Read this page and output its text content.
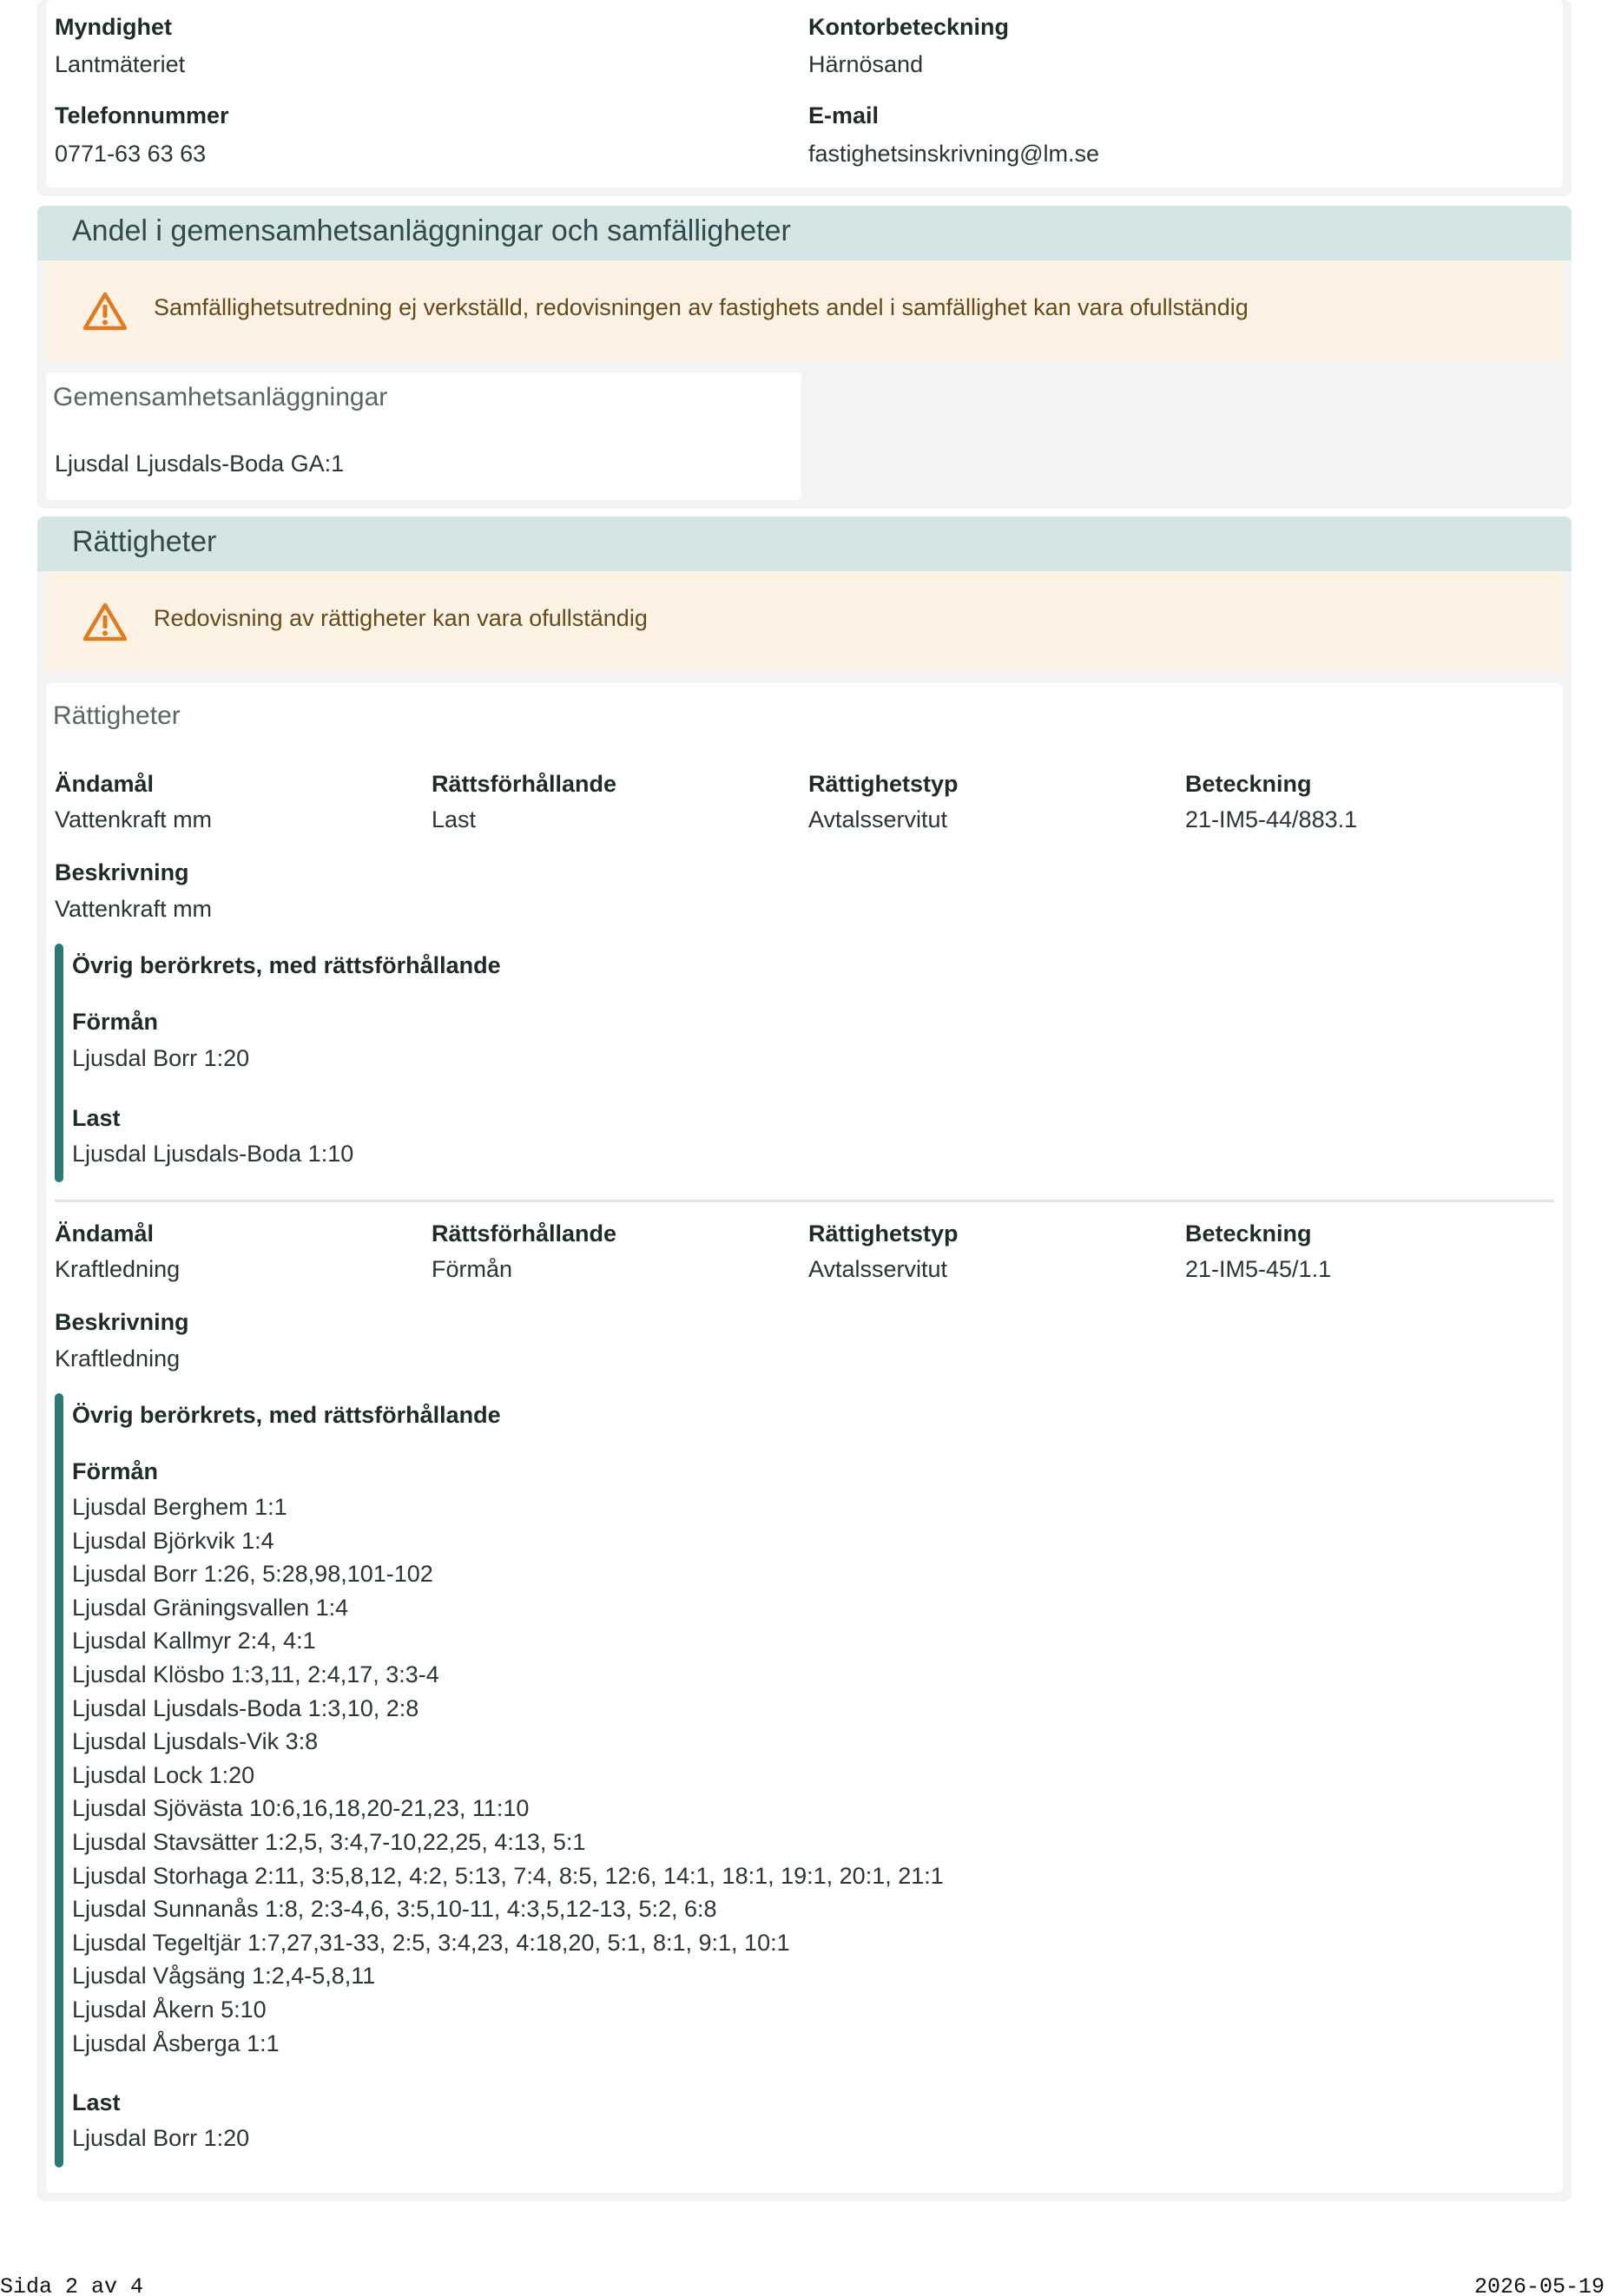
Myndighet
Lantmäteriet
Kontorbeteckning
Härnösand
Telefonnummer
0771-63 63 63
E-mail
fastighetsinskrivning@lm.se
Andel i gemensamhetsanläggningar och samfälligheter
Samfällighetsutredning ej verkställd, redovisningen av fastighets andel i samfällighet kan vara ofullständig
Gemensamhetsanläggningar
Ljusdal Ljusdals-Boda GA:1
Rättigheter
Redovisning av rättigheter kan vara ofullständig
Rättigheter
Ändamål
Vattenkraft mm
Rättsförhållande
Last
Rättighetstyp
Avtalsservitut
Beteckning
21-IM5-44/883.1
Beskrivning
Vattenkraft mm
Övrig berörkrets, med rättsförhållande
Förmån
Ljusdal Borr 1:20
Last
Ljusdal Ljusdals-Boda 1:10
Ändamål
Kraftledning
Rättsförhållande
Förmån
Rättighetstyp
Avtalsservitut
Beteckning
21-IM5-45/1.1
Beskrivning
Kraftledning
Övrig berörkrets, med rättsförhållande
Förmån
Ljusdal Berghem 1:1
Ljusdal Björkvik 1:4
Ljusdal Borr 1:26, 5:28,98,101-102
Ljusdal Gräningsvallen 1:4
Ljusdal Kallmyr 2:4, 4:1
Ljusdal Klösbo 1:3,11, 2:4,17, 3:3-4
Ljusdal Ljusdals-Boda 1:3,10, 2:8
Ljusdal Ljusdals-Vik 3:8
Ljusdal Lock 1:20
Ljusdal Sjövästa 10:6,16,18,20-21,23, 11:10
Ljusdal Stavsätter 1:2,5, 3:4,7-10,22,25, 4:13, 5:1
Ljusdal Storhaga 2:11, 3:5,8,12, 4:2, 5:13, 7:4, 8:5, 12:6, 14:1, 18:1, 19:1, 20:1, 21:1
Ljusdal Sunnanås 1:8, 2:3-4,6, 3:5,10-11, 4:3,5,12-13, 5:2, 6:8
Ljusdal Tegeltjär 1:7,27,31-33, 2:5, 3:4,23, 4:18,20, 5:1, 8:1, 9:1, 10:1
Ljusdal Vågsäng 1:2,4-5,8,11
Ljusdal Åkern 5:10
Ljusdal Åsberga 1:1
Last
Ljusdal Borr 1:20
Sida 2 av 4	2026-05-19
